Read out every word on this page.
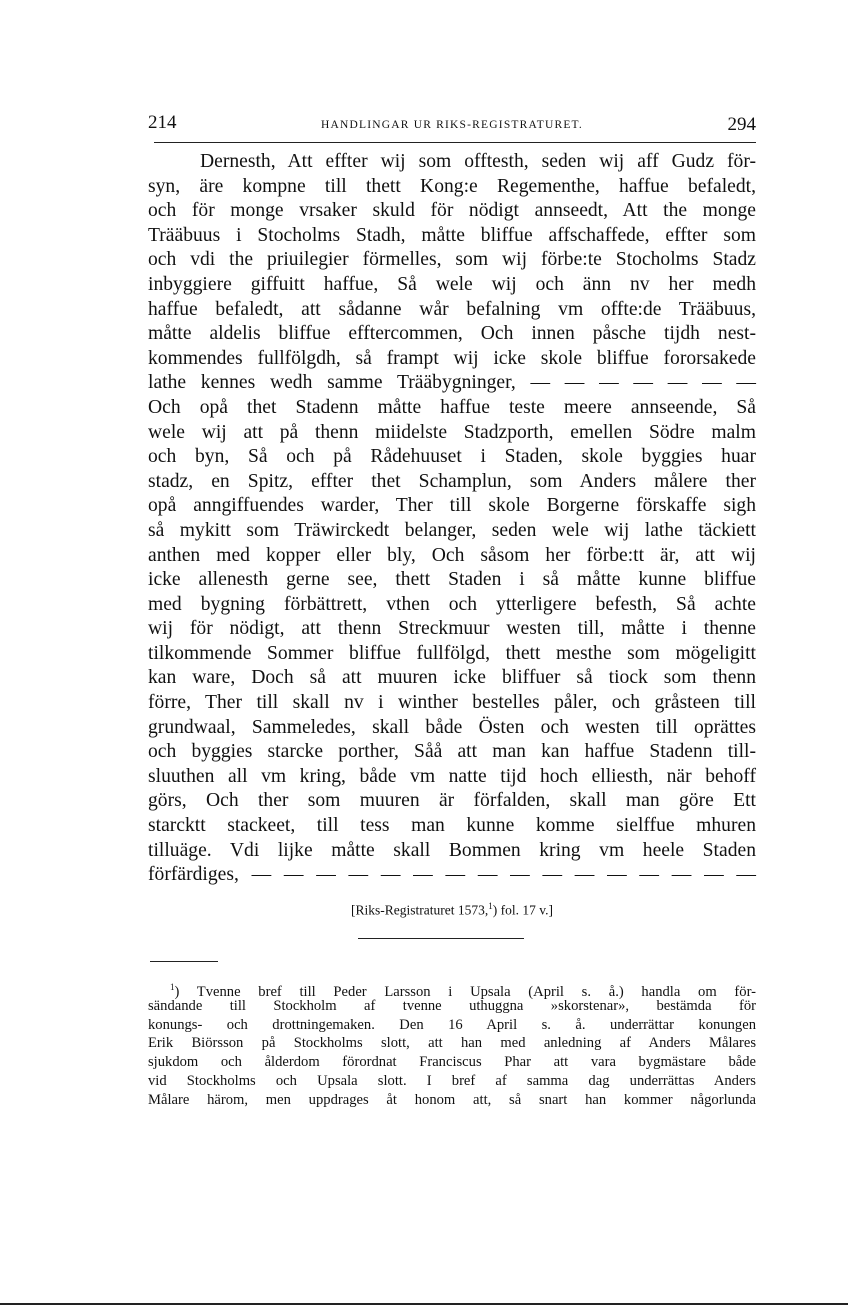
214	HANDLINGAR UR RIKS-REGISTRATURET.	294
Dernesth, Att effter wij som offtesth, seden wij aff Gudz för-
syn, äre kompne till thett Kong:e Regementhe, haffue befaledt,
och för monge vrsaker skuld för nödigt annseedt, Att the monge
Trääbuus i Stocholms Stadh, måtte bliffue affschaffede, effter som
och vdi the priuilegier förmelles, som wij förbe:te Stocholms Stadz
inbyggiere giffuitt haffue, Så wele wij och änn nv her medh
haffue befaledt, att sådanne wår befalning vm offte:de Trääbuus,
måtte aldelis bliffue efftercommen, Och innen påsche tijdh nest-
kommendes fullfölgdh, så frampt wij icke skole bliffue fororsakede
lathe kennes wedh samme Trääbygninger, — — — — — — —
Och opå thet Stadenn måtte haffue teste meere annseende, Så
wele wij att på thenn miidelste Stadzporth, emellen Södre malm
och byn, Så och på Rådehuuset i Staden, skole byggies huar
stadz, en Spitz, effter thet Schamplun, som Anders målere ther
opå anngiffuendes warder, Ther till skole Borgerne förskaffe sigh
så mykitt som Träwirckedt belanger, seden wele wij lathe täckiett
anthen med kopper eller bly, Och såsom her förbe:tt är, att wij
icke allenesth gerne see, thett Staden i så måtte kunne bliffue
med bygning förbättrett, vthen och ytterligere befesth, Så achte
wij för nödigt, att thenn Streckmuur westen till, måtte i thenne
tilkommende Sommer bliffue fullfölgd, thett mesthe som mögeligitt
kan ware, Doch så att muuren icke bliffuer så tiock som thenn
förre, Ther till skall nv i winther bestelles påler, och gråsteen till
grundwaal, Sammeledes, skall både Östen och westen till oprättes
och byggies starcke porther, Såå att man kan haffue Stadenn till-
sluuthen all vm kring, både vm natte tijd hoch elliesth, när behoff
görs, Och ther som muuren är förfalden, skall man göre Ett
starcktt stackeet, till tess man kunne komme sielffue mhuren
tilluäge. Vdi lijke måtte skall Bommen kring vm heele Staden
förfärdiges, — — — — — — — — — — — — — — — —
[Riks-Registraturet 1573,$^1$) fol. 17 v.]
$^1$) Tvenne bref till Peder Larsson i Upsala (April s. å.) handla om för-
sändande till Stockholm af tvenne uthuggna »skorstenar», bestämda för
konungs- och drottningemaken. Den 16 April s. å. underrättar konungen
Erik Biörsson på Stockholms slott, att han med anledning af Anders Målares
sjukdom och ålderdom förordnat Franciscus Phar att vara bygmästare både
vid Stockholms och Upsala slott. I bref af samma dag underrättas Anders
Målare härom, men uppdrages åt honom att, så snart han kommer någorlunda
